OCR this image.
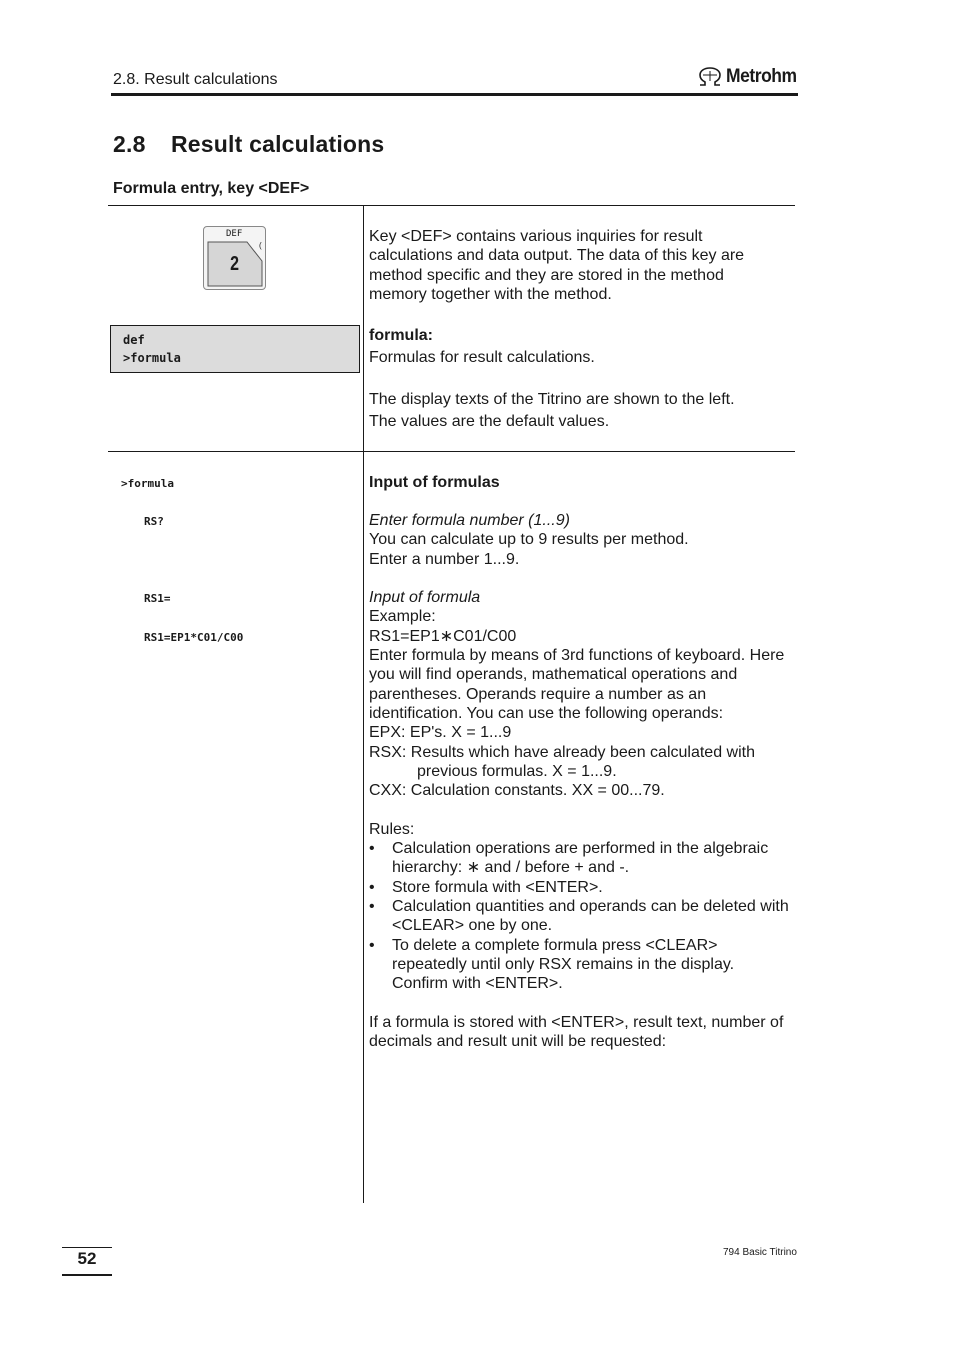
2.8. Result calculations	Metrohm
2.8 Result calculations
Formula entry, key <DEF>
DEF
(
2
def
>formula
Key <DEF> contains various inquiries for result calculations and data output. The data of this key are method specific and they are stored in the method memory together with the method.
formula:
Formulas for result calculations.
The display texts of the Titrino are shown to the left.
The values are the default values.
>formula
RS?
RS1=
RS1=EP1*C01/C00
Input of formulas
Enter formula number (1...9)
You can calculate up to 9 results per method.
Enter a number 1...9.
Input of formula
Example:
RS1=EP1∗C01/C00
Enter formula by means of 3rd functions of keyboard. Here you will find operands, mathematical operations and parentheses. Operands require a number as an identification. You can use the following operands:
EPX: EP's. X = 1...9
RSX: Results which have already been calculated with previous formulas. X = 1...9.
CXX: Calculation constants. XX = 00...79.
Rules:
• Calculation operations are performed in the algebraic hierarchy: ∗ and / before + and -.
• Store formula with <ENTER>.
• Calculation quantities and operands can be deleted with <CLEAR> one by one.
• To delete a complete formula press <CLEAR> repeatedly until only RSX remains in the display. Confirm with <ENTER>.
If a formula is stored with <ENTER>, result text, number of decimals and result unit will be requested:
52	794 Basic Titrino
